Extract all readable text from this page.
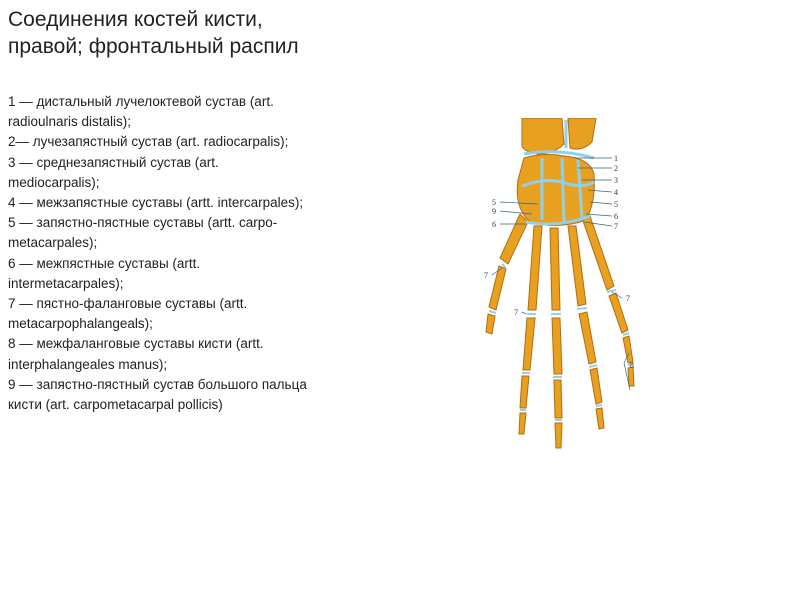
Соединения костей кисти, правой; фронтальный распил
1 — дистальный лучелоктевой сустав (art. radioulnaris distalis);
2— лучезапястный сустав (art. radiocarpalis);
3 — среднезапястный сустав (art. mediocarpalis);
4 — межзапястные суставы (artt. intercarpales);
5 — запястно-пястные суставы (artt. carpo-metacarpales);
6 — межпястные суставы (artt. intermetacarpales);
7 — пястно-фаланговые суставы (artt. metacarpophalangeals);
8 — межфаланговые суставы кисти (artt. interphalangeales manus);
9 — запястно-пястный сустав большого пальца кисти (art. carpometacarpal pollicis)
1
2
3
4
5
6
7
5
9
6
7
7
7
8
